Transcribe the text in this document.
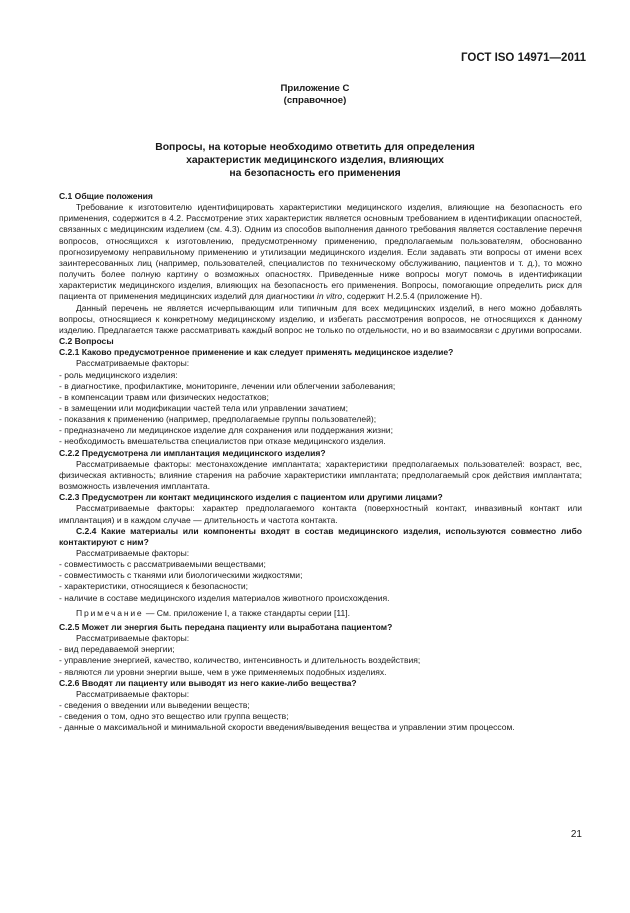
ГОСТ ISO 14971—2011
Приложение С
(справочное)
Вопросы, на которые необходимо ответить для определения
характеристик медицинского изделия, влияющих
на безопасность его применения

С.1 Общие положения

Требование к изготовителю идентифицировать характеристики медицинского изделия, влияющие на безопасность его применения, содержится в 4.2. Рассмотрение этих характеристик является основным требованием в идентификации опасностей, связанных с медицинским изделием (см. 4.3). Одним из способов выполнения данного требования является составление перечня вопросов, относящихся к изготовлению, предусмотренному применению, предполагаемым пользователям, обоснованно прогнозируемому неправильному применению и утилизации медицинского изделия. Если задавать эти вопросы от имени всех заинтересованных лиц (например, пользователей, специалистов по техническому обслуживанию, пациентов и т. д.), то можно получить более полную картину о возможных опасностях. Приведенные ниже вопросы могут помочь в идентификации характеристик медицинского изделия, влияющих на безопасность его применения. Вопросы, помогающие определить риск для пациента от применения медицинских изделий для диагностики in vitro, содержит Н.2.5.4 (приложение Н).

Данный перечень не является исчерпывающим или типичным для всех медицинских изделий, в него можно добавлять вопросы, относящиеся к конкретному медицинскому изделию, и избегать рассмотрения вопросов, не относящихся к данному изделию. Предлагается также рассматривать каждый вопрос не только по отдельности, но и во взаимосвязи с другими вопросами.

С.2 Вопросы

С.2.1 Каково предусмотренное применение и как следует применять медицинское изделие?

Рассматриваемые факторы:

- роль медицинского изделия:

- в диагностике, профилактике, мониторинге, лечении или облегчении заболевания;

- в компенсации травм или физических недостатков;

- в замещении или модификации частей тела или управлении зачатием;

- показания к применению (например, предполагаемые группы пользователей);

- предназначено ли медицинское изделие для сохранения или поддержания жизни;

- необходимость вмешательства специалистов при отказе медицинского изделия.

С.2.2 Предусмотрена ли имплантация медицинского изделия?

Рассматриваемые факторы: местонахождение имплантата; характеристики предполагаемых пользователей: возраст, вес, физическая активность; влияние старения на рабочие характеристики имплантата; предполагаемый срок действия имплантата; возможность извлечения имплантата.

С.2.3 Предусмотрен ли контакт медицинского изделия с пациентом или другими лицами?

Рассматриваемые факторы: характер предполагаемого контакта (поверхностный контакт, инвазивный контакт или имплантация) и в каждом случае — длительность и частота контакта.

С.2.4 Какие материалы или компоненты входят в состав медицинского изделия, используются совместно либо контактируют с ним?

Рассматриваемые факторы:

- совместимость с рассматриваемыми веществами;

- совместимость с тканями или биологическими жидкостями;

- характеристики, относящиеся к безопасности;

- наличие в составе медицинского изделия материалов животного происхождения.

Примечание — См. приложение I, а также стандарты серии [11].

С.2.5 Может ли энергия быть передана пациенту или выработана пациентом?

Рассматриваемые факторы:

- вид передаваемой энергии;

- управление энергией, качество, количество, интенсивность и длительность воздействия;

- являются ли уровни энергии выше, чем в уже применяемых подобных изделиях.

С.2.6 Вводят ли пациенту или выводят из него какие-либо вещества?

Рассматриваемые факторы:

- сведения о введении или выведении веществ;

- сведения о том, одно это вещество или группа веществ;

- данные о максимальной и минимальной скорости введения/выведения вещества и управлении этим процессом.

21
